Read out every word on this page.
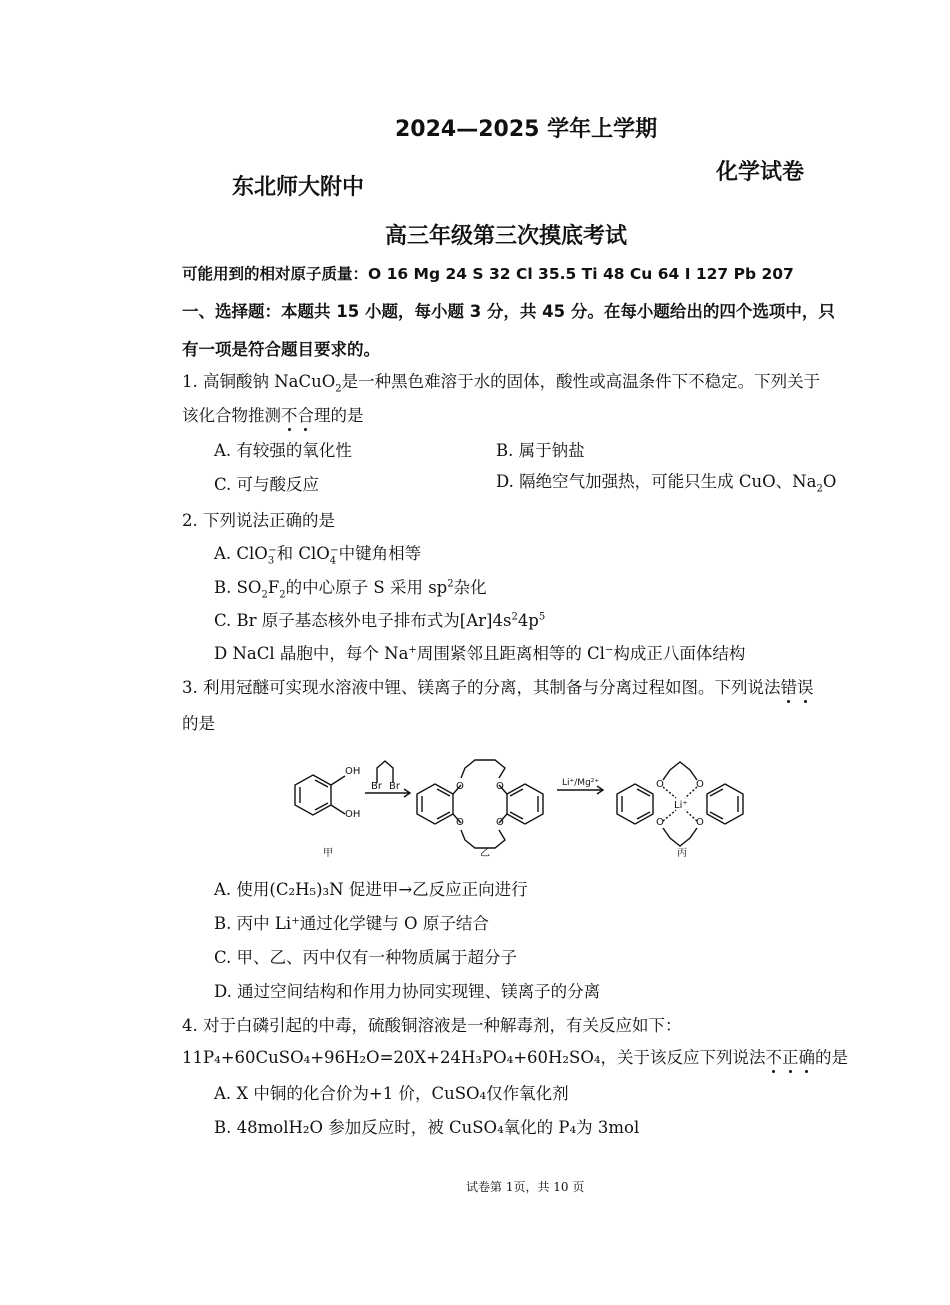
2024—2025 学年上学期
东北师大附中
化学试卷
高三年级第三次摸底考试
可能用到的相对原子质量：O 16 Mg 24 S 32 Cl 35.5 Ti 48 Cu 64 I 127 Pb 207
一、选择题：本题共 15 小题，每小题 3 分，共 45 分。在每小题给出的四个选项中，只
有一项是符合题目要求的。
1. 高铜酸钠 NaCuO$_2$是一种黑色难溶于水的固体，酸性或高温条件下不稳定。下列关于
该化合物推测不合理的是
A. 有较强的氧化性	B. 属于钠盐
C. 可与酸反应	D. 隔绝空气加强热，可能只生成 CuO、$Na_2O$
2. 下列说法正确的是
A. ClO$_3$−和 ClO$_4$−中键角相等
B. $SO_2F_2$的中心原子 S 采用 $sp^2$杂化
C. Br 原子基态核外电子排布式为$[Ar]4s^24p^5$
D NaCl 晶胞中，每个 Na+周围紧邻且距离相等的 Cl−构成正八面体结构
3. 利用冠醚可实现水溶液中锂、镁离子的分离，其制备与分离过程如图。下列说法错误
的是
OH
OH
Br Br	O	O
O	O
Li⁺/Mg²⁺	O	O
O	O
Li⁺
甲	乙	丙
A. 使用(C₂H₅)₃N 促进甲→乙反应正向进行
B. 丙中 Li⁺通过化学键与 O 原子结合
C. 甲、乙、丙中仅有一种物质属于超分子
D. 通过空间结构和作用力协同实现锂、镁离子的分离
4. 对于白磷引起的中毒，硫酸铜溶液是一种解毒剂，有关反应如下：
11P₄+60CuSO₄+96H₂O=20X+24H₃PO₄+60H₂SO₄，关于该反应下列说法不正确的是
A. X 中铜的化合价为+1 价，CuSO₄仅作氧化剂
B. 48molH₂O 参加反应时，被 CuSO₄氧化的 P₄为 3mol
试卷第 1页，共 10 页
